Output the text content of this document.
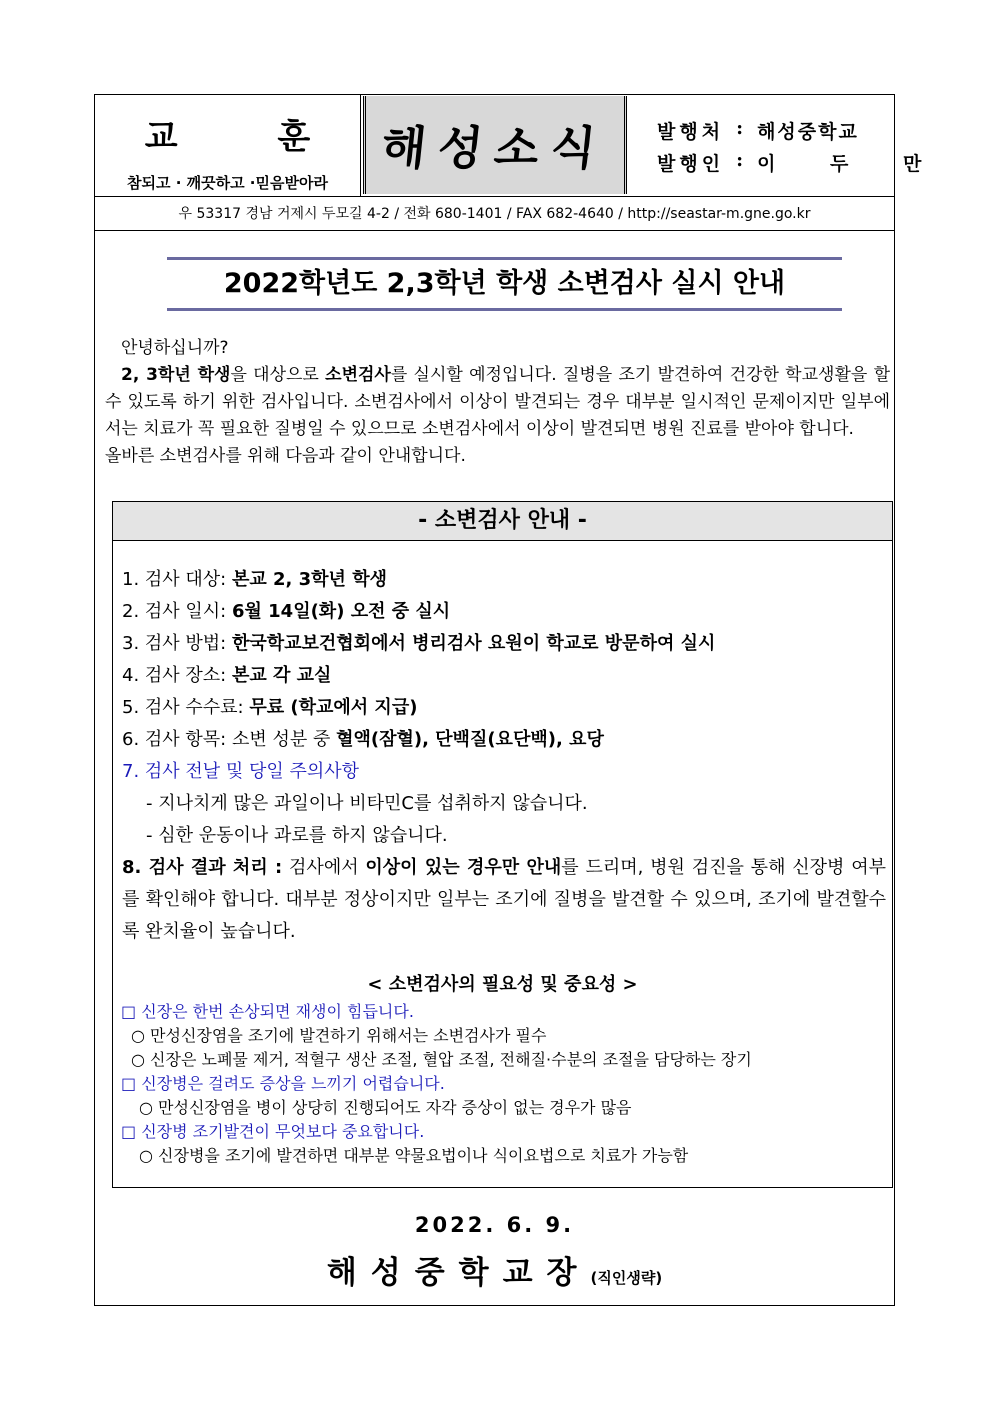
교 훈
참되고 · 깨끗하고 ·믿음받아라
해성소식 발행처 : 해성중학교
발행인 : 이 두 만
우 53317 경남 거제시 두모길 4-2 / 전화 680-1401 / FAX 682-4640 / http://seastar-m.gne.go.kr
2022학년도 2,3학년 학생 소변검사 실시 안내

안녕하십니까?

2, 3학년 학생을 대상으로 소변검사를 실시할 예정입니다. 질병을 조기 발견하여 건강한 학교생활을 할 수 있도록 하기 위한 검사입니다. 소변검사에서 이상이 발견되는 경우 대부분 일시적인 문제이지만 일부에서는 치료가 꼭 필요한 질병일 수 있으므로 소변검사에서 이상이 발견되면 병원 진료를 받아야 합니다.

올바른 소변검사를 위해 다음과 같이 안내합니다.

- 소변검사 안내 -
1. 검사 대상: 본교 2, 3학년 학생
2. 검사 일시: 6월 14일(화) 오전 중 실시
3. 검사 방법: 한국학교보건협회에서 병리검사 요원이 학교로 방문하여 실시
4. 검사 장소: 본교 각 교실
5. 검사 수수료: 무료 (학교에서 지급)
6. 검사 항목: 소변 성분 중 혈액(잠혈), 단백질(요단백), 요당
7. 검사 전날 및 당일 주의사항
- 지나치게 많은 과일이나 비타민C를 섭취하지 않습니다.
- 심한 운동이나 과로를 하지 않습니다.
8. 검사 결과 처리 : 검사에서 이상이 있는 경우만 안내를 드리며, 병원 검진을 통해 신장병 여부를 확인해야 합니다. 대부분 정상이지만 일부는 조기에 질병을 발견할 수 있으며, 조기에 발견할수록 완치율이 높습니다.
< 소변검사의 필요성 및 중요성 >
□ 신장은 한번 손상되면 재생이 힘듭니다.
○ 만성신장염을 조기에 발견하기 위해서는 소변검사가 필수
○ 신장은 노폐물 제거, 적혈구 생산 조절, 혈압 조절, 전해질·수분의 조절을 담당하는 장기
□ 신장병은 걸려도 증상을 느끼기 어렵습니다.
○ 만성신장염을 병이 상당히 진행되어도 자각 증상이 없는 경우가 많음
□ 신장병 조기발견이 무엇보다 중요합니다.
○ 신장병을 조기에 발견하면 대부분 약물요법이나 식이요법으로 치료가 가능함
2022. 6. 9.
해성중학교장(직인생략)
